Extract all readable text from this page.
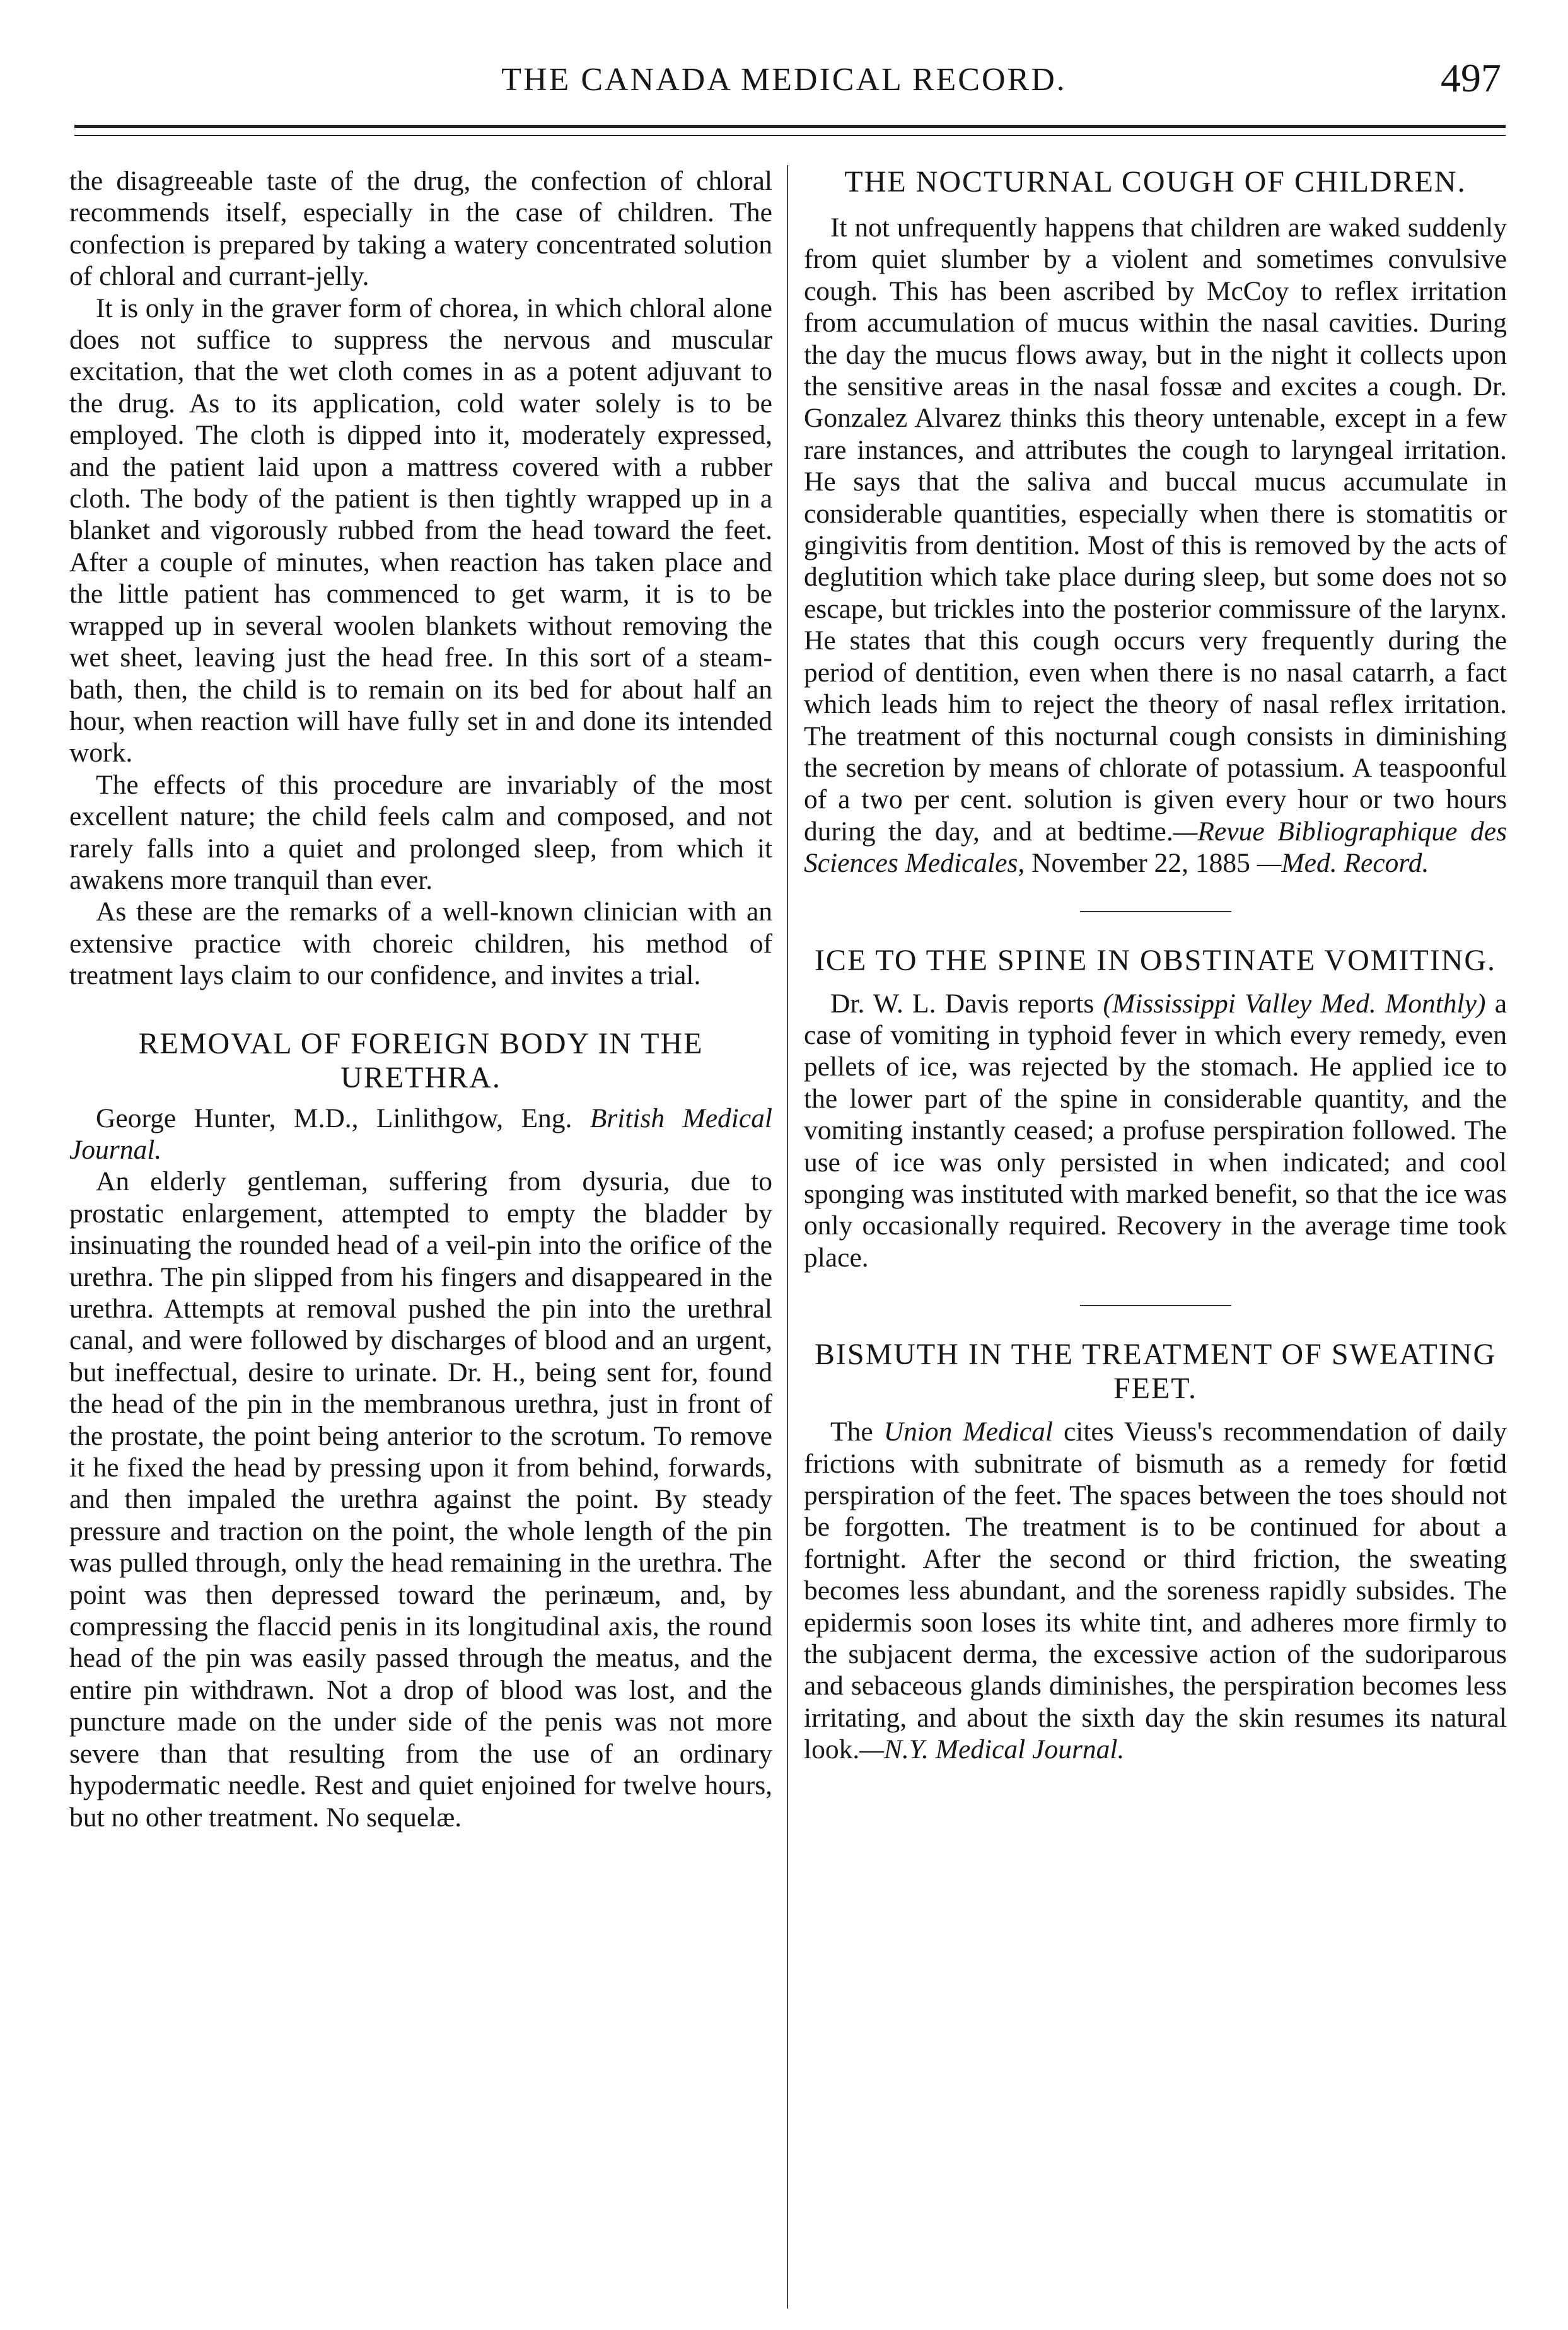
THE CANADA MEDICAL RECORD.	497

the disagreeable taste of the drug, the confection of chloral recommends itself, especially in the case of children. The confection is prepared by taking a watery concentrated solution of chloral and currant-jelly.

It is only in the graver form of chorea, in which chloral alone does not suffice to suppress the nervous and muscular excitation, that the wet cloth comes in as a potent adjuvant to the drug. As to its application, cold water solely is to be employed. The cloth is dipped into it, moderately expressed, and the patient laid upon a mattress covered with a rubber cloth. The body of the patient is then tightly wrapped up in a blanket and vigorously rubbed from the head toward the feet. After a couple of minutes, when reaction has taken place and the little patient has commenced to get warm, it is to be wrapped up in several woolen blankets without removing the wet sheet, leaving just the head free. In this sort of a steam-bath, then, the child is to remain on its bed for about half an hour, when reaction will have fully set in and done its intended work.

The effects of this procedure are invariably of the most excellent nature; the child feels calm and composed, and not rarely falls into a quiet and prolonged sleep, from which it awakens more tranquil than ever.

As these are the remarks of a well-known clinician with an extensive practice with choreic children, his method of treatment lays claim to our confidence, and invites a trial.

REMOVAL OF FOREIGN BODY IN THE URETHRA.

George Hunter, M.D., Linlithgow, Eng. British Medical Journal.

An elderly gentleman, suffering from dysuria, due to prostatic enlargement, attempted to empty the bladder by insinuating the rounded head of a veil-pin into the orifice of the urethra. The pin slipped from his fingers and disappeared in the urethra. Attempts at removal pushed the pin into the urethral canal, and were followed by discharges of blood and an urgent, but ineffectual, desire to urinate. Dr. H., being sent for, found the head of the pin in the membranous urethra, just in front of the prostate, the point being anterior to the scrotum. To remove it he fixed the head by pressing upon it from behind, forwards, and then impaled the urethra against the point. By steady pressure and traction on the point, the whole length of the pin was pulled through, only the head remaining in the urethra. The point was then depressed toward the perinæum, and, by compressing the flaccid penis in its longitudinal axis, the round head of the pin was easily passed through the meatus, and the entire pin withdrawn. Not a drop of blood was lost, and the puncture made on the under side of the penis was not more severe than that resulting from the use of an ordinary hypodermatic needle. Rest and quiet enjoined for twelve hours, but no other treatment. No sequelæ.

THE NOCTURNAL COUGH OF CHILDREN.

It not unfrequently happens that children are waked suddenly from quiet slumber by a violent and sometimes convulsive cough. This has been ascribed by McCoy to reflex irritation from accumulation of mucus within the nasal cavities. During the day the mucus flows away, but in the night it collects upon the sensitive areas in the nasal fossæ and excites a cough. Dr. Gonzalez Alvarez thinks this theory untenable, except in a few rare instances, and attributes the cough to laryngeal irritation. He says that the saliva and buccal mucus accumulate in considerable quantities, especially when there is stomatitis or gingivitis from dentition. Most of this is removed by the acts of deglutition which take place during sleep, but some does not so escape, but trickles into the posterior commissure of the larynx. He states that this cough occurs very frequently during the period of dentition, even when there is no nasal catarrh, a fact which leads him to reject the theory of nasal reflex irritation. The treatment of this nocturnal cough consists in diminishing the secretion by means of chlorate of potassium. A teaspoonful of a two per cent. solution is given every hour or two hours during the day, and at bedtime.—Revue Bibliographique des Sciences Medicales, November 22, 1885 —Med. Record.

ICE TO THE SPINE IN OBSTINATE VOMITING.

Dr. W. L. Davis reports (Mississippi Valley Med. Monthly) a case of vomiting in typhoid fever in which every remedy, even pellets of ice, was rejected by the stomach. He applied ice to the lower part of the spine in considerable quantity, and the vomiting instantly ceased; a profuse perspiration followed. The use of ice was only persisted in when indicated; and cool sponging was instituted with marked benefit, so that the ice was only occasionally required. Recovery in the average time took place.

BISMUTH IN THE TREATMENT OF SWEATING FEET.

The Union Medical cites Vieuss's recommendation of daily frictions with subnitrate of bismuth as a remedy for fœtid perspiration of the feet. The spaces between the toes should not be forgotten. The treatment is to be continued for about a fortnight. After the second or third friction, the sweating becomes less abundant, and the soreness rapidly subsides. The epidermis soon loses its white tint, and adheres more firmly to the subjacent derma, the excessive action of the sudoriparous and sebaceous glands diminishes, the perspiration becomes less irritating, and about the sixth day the skin resumes its natural look.—N.Y. Medical Journal.
